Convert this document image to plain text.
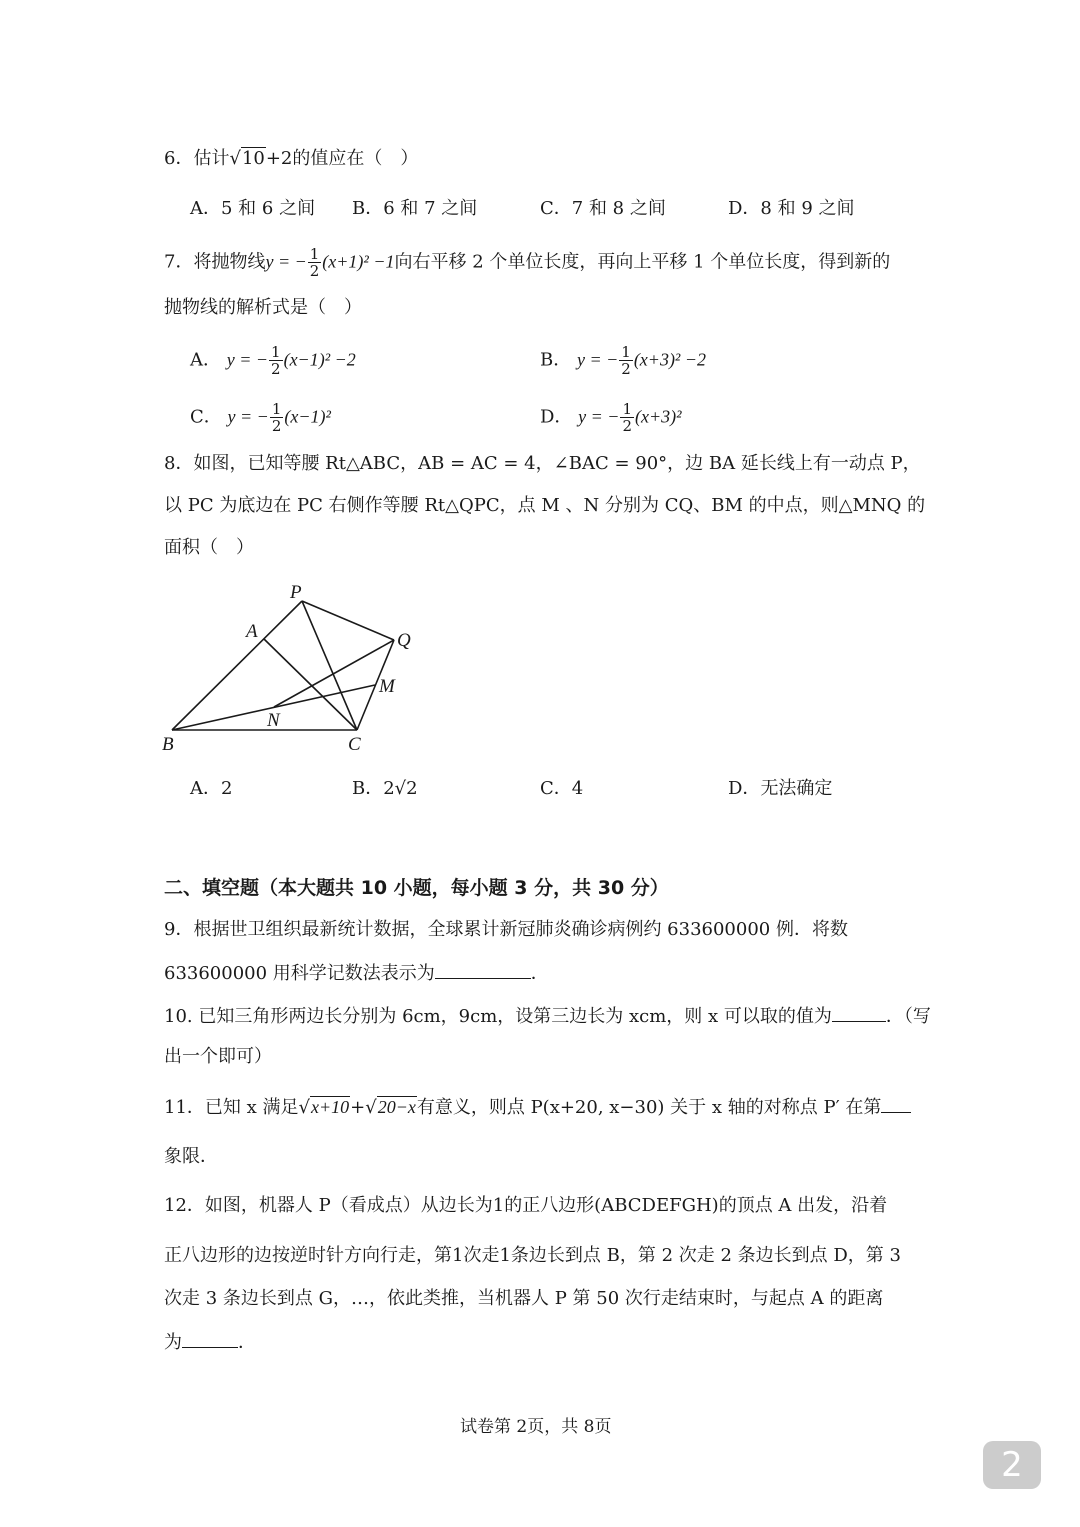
6．估计√10+2的值应在（　）
A．5 和 6 之间 B．6 和 7 之间	C．7 和 8 之间	D．8 和 9 之间
7．将抛物线y = − $\frac{1}{2} (x+1)^2 -1$向右平移 2 个单位长度，再向上平移 1 个单位长度，得到新的
抛物线的解析式是（　）
A． y = − $\frac{1}{2} (x-1)^2 -2$	B． y = − $\frac{1}{2} (x+3)^2 -2$
C． y = − $\frac{1}{2} (x-1)^2$	D． y = − $\frac{1}{2} (x+3)^2$
8．如图，已知等腰 Rt△ABC，AB = AC = 4，∠BAC = 90°，边 BA 延长线上有一动点 P，
以 PC 为底边在 PC 右侧作等腰 Rt△QPC，点 M 、N 分别为 CQ、BM 的中点，则△MNQ 的
面积（　）
P
A	Q
M
N
B	C
A．2	B．2√2	C．4	D．无法确定
二、填空题（本大题共 10 小题，每小题 3 分，共 30 分）
9．根据世卫组织最新统计数据，全球累计新冠肺炎确诊病例约 633600000 例．将数
633600000 用科学记数法表示为	．
10. 已知三角形两边长分别为 6cm，9cm，设第三边长为 xcm，则 x 可以取的值为	．（写
出一个即可）
11．已知 x 满足√x+10+√20−x有意义，则点 P(x+20, x−30) 关于 x 轴的对称点 P′ 在第
象限．
12．如图，机器人 P（看成点）从边长为1的正八边形(ABCDEFGH)的顶点 A 出发，沿着
正八边形的边按逆时针方向行走，第1次走1条边长到点 B，第 2 次走 2 条边长到点 D，第 3
次走 3 条边长到点 G，…，依此类推，当机器人 P 第 50 次行走结束时，与起点 A 的距离
为	．
试卷第 2页，共 8页
2
